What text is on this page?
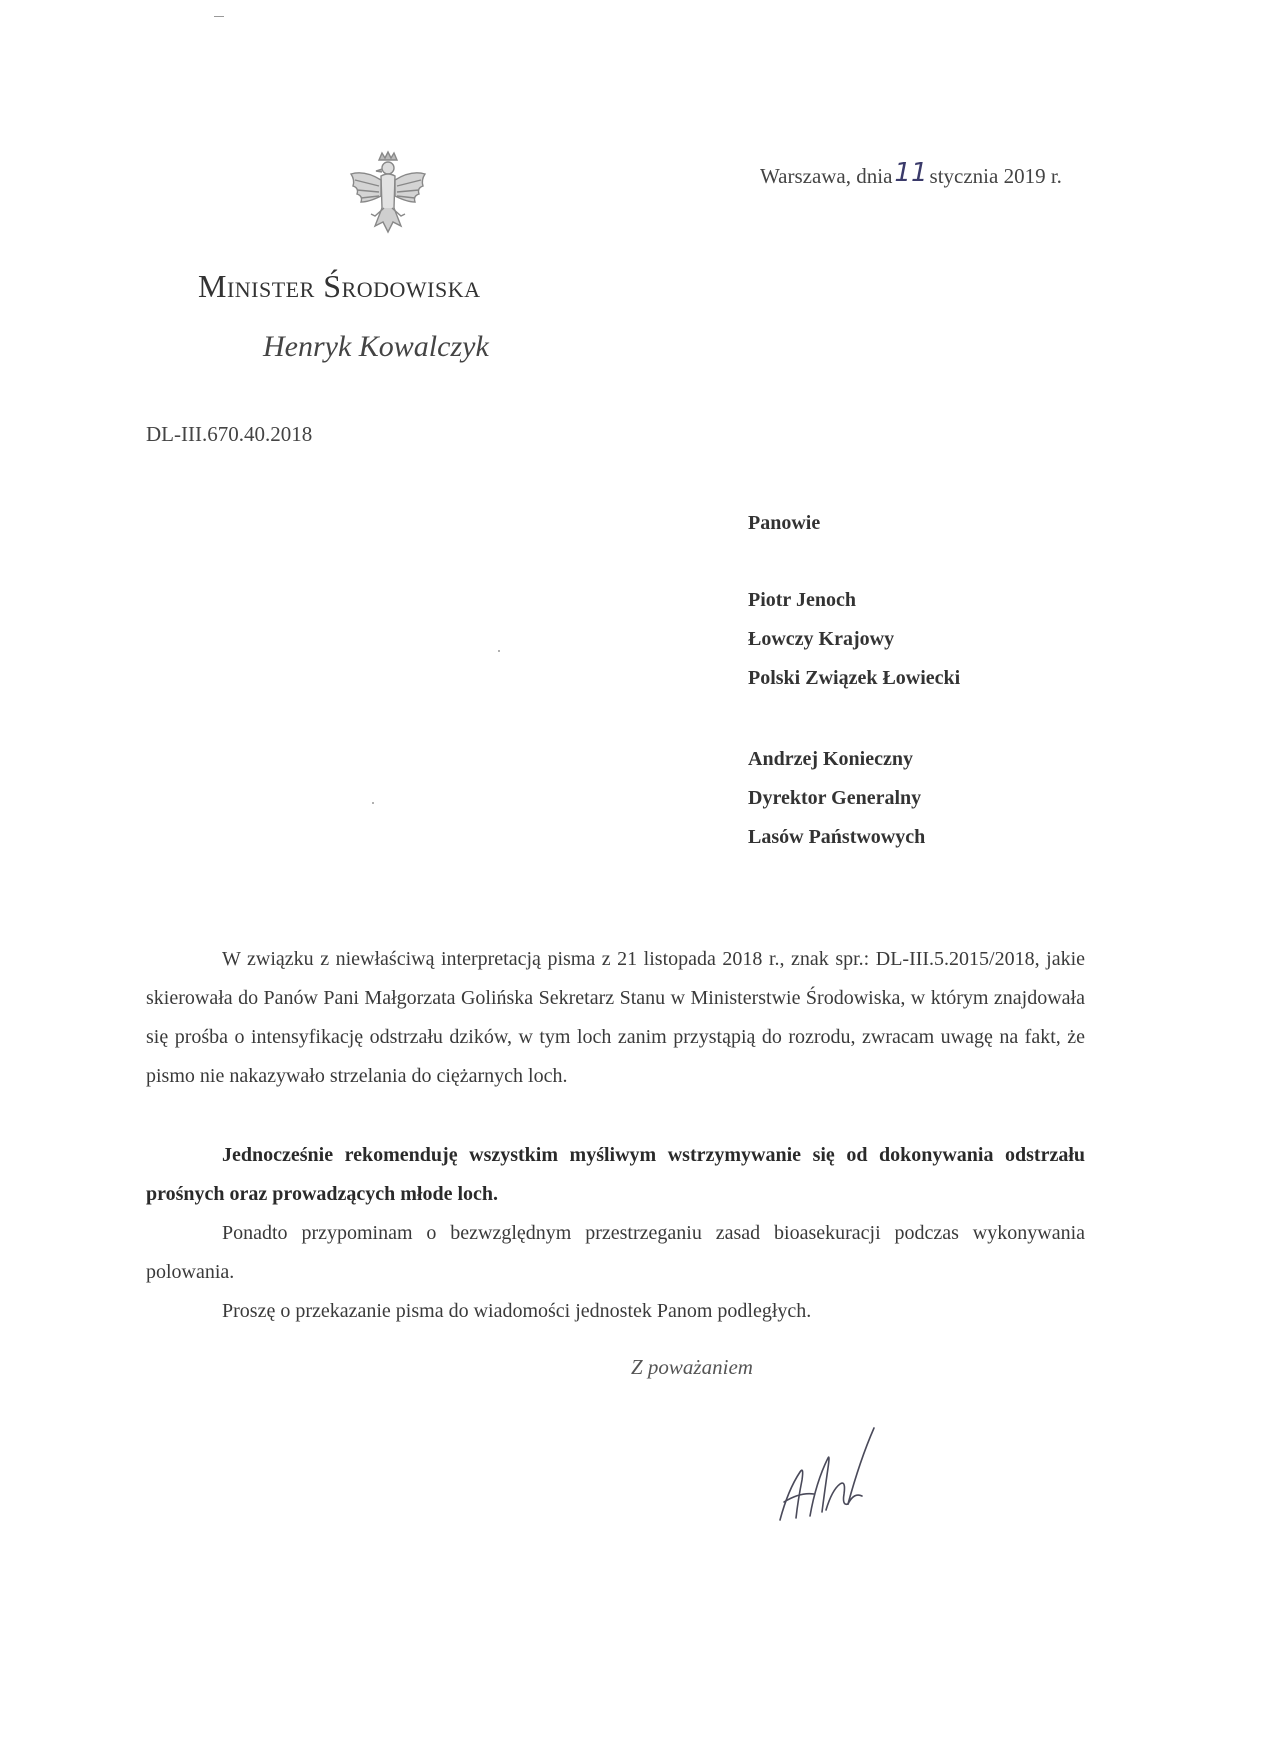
Minister Środowiska
Henryk Kowalczyk
Warszawa, dnia11stycznia 2019 r.
DL-III.670.40.2018
Panowie
Piotr Jenoch
Łowczy Krajowy
Polski Związek Łowiecki
Andrzej Konieczny
Dyrektor Generalny
Lasów Państwowych
W związku z niewłaściwą interpretacją pisma z 21 listopada 2018 r., znak spr.: DL-III.5.2015/2018, jakie skierowała do Panów Pani Małgorzata Golińska Sekretarz Stanu w Ministerstwie Środowiska, w którym znajdowała się prośba o intensyfikację odstrzału dzików, w tym loch zanim przystąpią do rozrodu, zwracam uwagę na fakt, że pismo nie nakazywało strzelania do ciężarnych loch.
Jednocześnie rekomenduję wszystkim myśliwym wstrzymywanie się od dokonywania odstrzału prośnych oraz prowadzących młode loch.
Ponadto przypominam o bezwzględnym przestrzeganiu zasad bioasekuracji podczas wykonywania polowania.
Proszę o przekazanie pisma do wiadomości jednostek Panom podległych.
Z poważaniem
